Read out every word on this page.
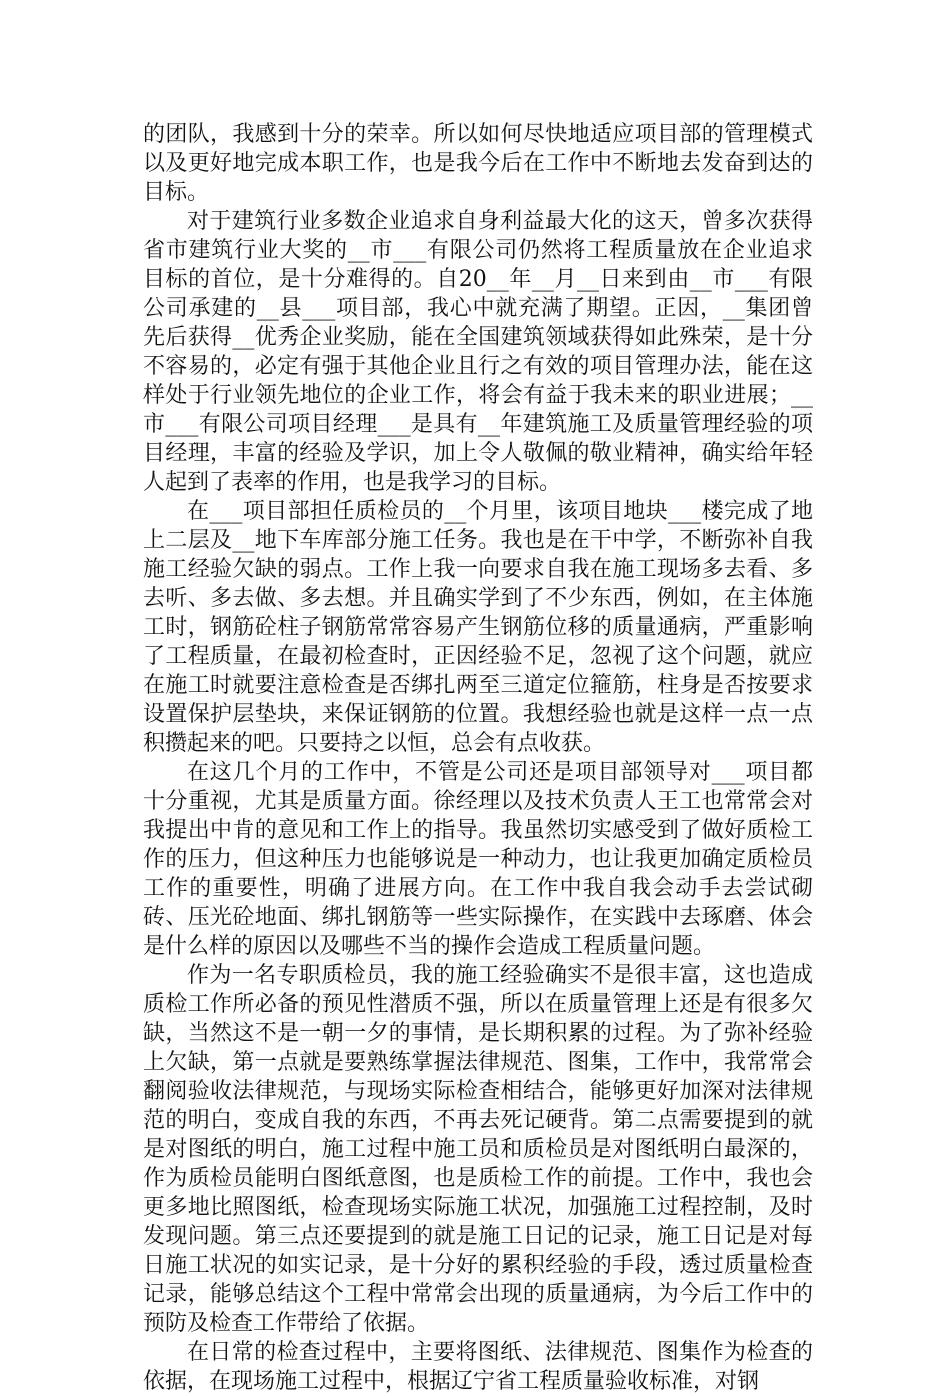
的团队，我感到十分的荣幸。所以如何尽快地适应项目部的管理模式以及更好地完成本职工作，也是我今后在工作中不断地去发奋到达的目标。

对于建筑行业多数企业追求自身利益最大化的这天，曾多次获得省市建筑行业大奖的__市___有限公司仍然将工程质量放在企业追求目标的首位，是十分难得的。自20__年__月__日来到由__市___有限公司承建的__县___项目部，我心中就充满了期望。正因，__集团曾先后获得__优秀企业奖励，能在全国建筑领域获得如此殊荣，是十分不容易的，必定有强于其他企业且行之有效的项目管理办法，能在这样处于行业领先地位的企业工作，将会有益于我未来的职业进展；__市___有限公司项目经理___是具有__年建筑施工及质量管理经验的项目经理，丰富的经验及学识，加上令人敬佩的敬业精神，确实给年轻人起到了表率的作用，也是我学习的目标。

在___项目部担任质检员的__个月里，该项目地块___楼完成了地上二层及__地下车库部分施工任务。我也是在干中学，不断弥补自我施工经验欠缺的弱点。工作上我一向要求自我在施工现场多去看、多去听、多去做、多去想。并且确实学到了不少东西，例如，在主体施工时，钢筋砼柱子钢筋常常容易产生钢筋位移的质量通病，严重影响了工程质量，在最初检查时，正因经验不足，忽视了这个问题，就应在施工时就要注意检查是否绑扎两至三道定位箍筋，柱身是否按要求设置保护层垫块，来保证钢筋的位置。我想经验也就是这样一点一点积攒起来的吧。只要持之以恒，总会有点收获。

在这几个月的工作中，不管是公司还是项目部领导对___项目都十分重视，尤其是质量方面。徐经理以及技术负责人王工也常常会对我提出中肯的意见和工作上的指导。我虽然切实感受到了做好质检工作的压力，但这种压力也能够说是一种动力，也让我更加确定质检员工作的重要性，明确了进展方向。在工作中我自我会动手去尝试砌砖、压光砼地面、绑扎钢筋等一些实际操作，在实践中去琢磨、体会是什么样的原因以及哪些不当的操作会造成工程质量问题。

作为一名专职质检员，我的施工经验确实不是很丰富，这也造成质检工作所必备的预见性潜质不强，所以在质量管理上还是有很多欠缺，当然这不是一朝一夕的事情，是长期积累的过程。为了弥补经验上欠缺，第一点就是要熟练掌握法律规范、图集，工作中，我常常会翻阅验收法律规范，与现场实际检查相结合，能够更好加深对法律规范的明白，变成自我的东西，不再去死记硬背。第二点需要提到的就是对图纸的明白，施工过程中施工员和质检员是对图纸明白最深的，作为质检员能明白图纸意图，也是质检工作的前提。工作中，我也会更多地比照图纸，检查现场实际施工状况，加强施工过程控制，及时发现问题。第三点还要提到的就是施工日记的记录，施工日记是对每日施工状况的如实记录，是十分好的累积经验的手段，透过质量检查记录，能够总结这个工程中常常会出现的质量通病，为今后工作中的预防及检查工作带给了依据。

在日常的检查过程中，主要将图纸、法律规范、图集作为检查的依据，在现场施工过程中，根据辽宁省工程质量验收标准，对钢
